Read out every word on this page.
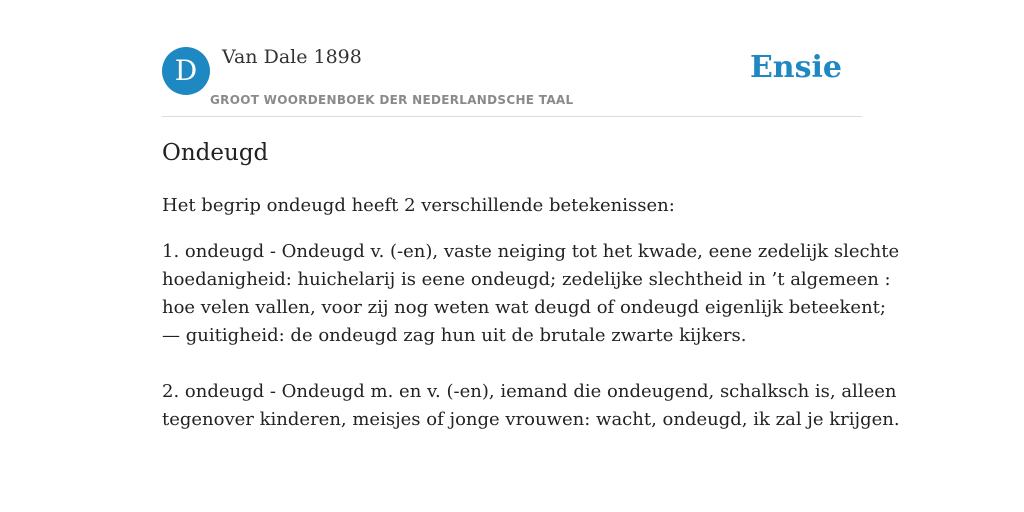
D	Van Dale 1898
GROOT WOORDENBOEK DER NEDERLANDSCHE TAAL
Ensie
Ondeugd

Het begrip ondeugd heeft 2 verschillende betekenissen:

1. ondeugd - Ondeugd v. (-en), vaste neiging tot het kwade, eene zedelijk slechte
hoedanigheid: huichelarij is eene ondeugd; zedelijke slechtheid in ’t algemeen :
hoe velen vallen, voor zij nog weten wat deugd of ondeugd eigenlijk beteekent;
— guitigheid: de ondeugd zag hun uit de brutale zwarte kijkers.

2. ondeugd - Ondeugd m. en v. (-en), iemand die ondeugend, schalksch is, alleen
tegenover kinderen, meisjes of jonge vrouwen: wacht, ondeugd, ik zal je krijgen.
